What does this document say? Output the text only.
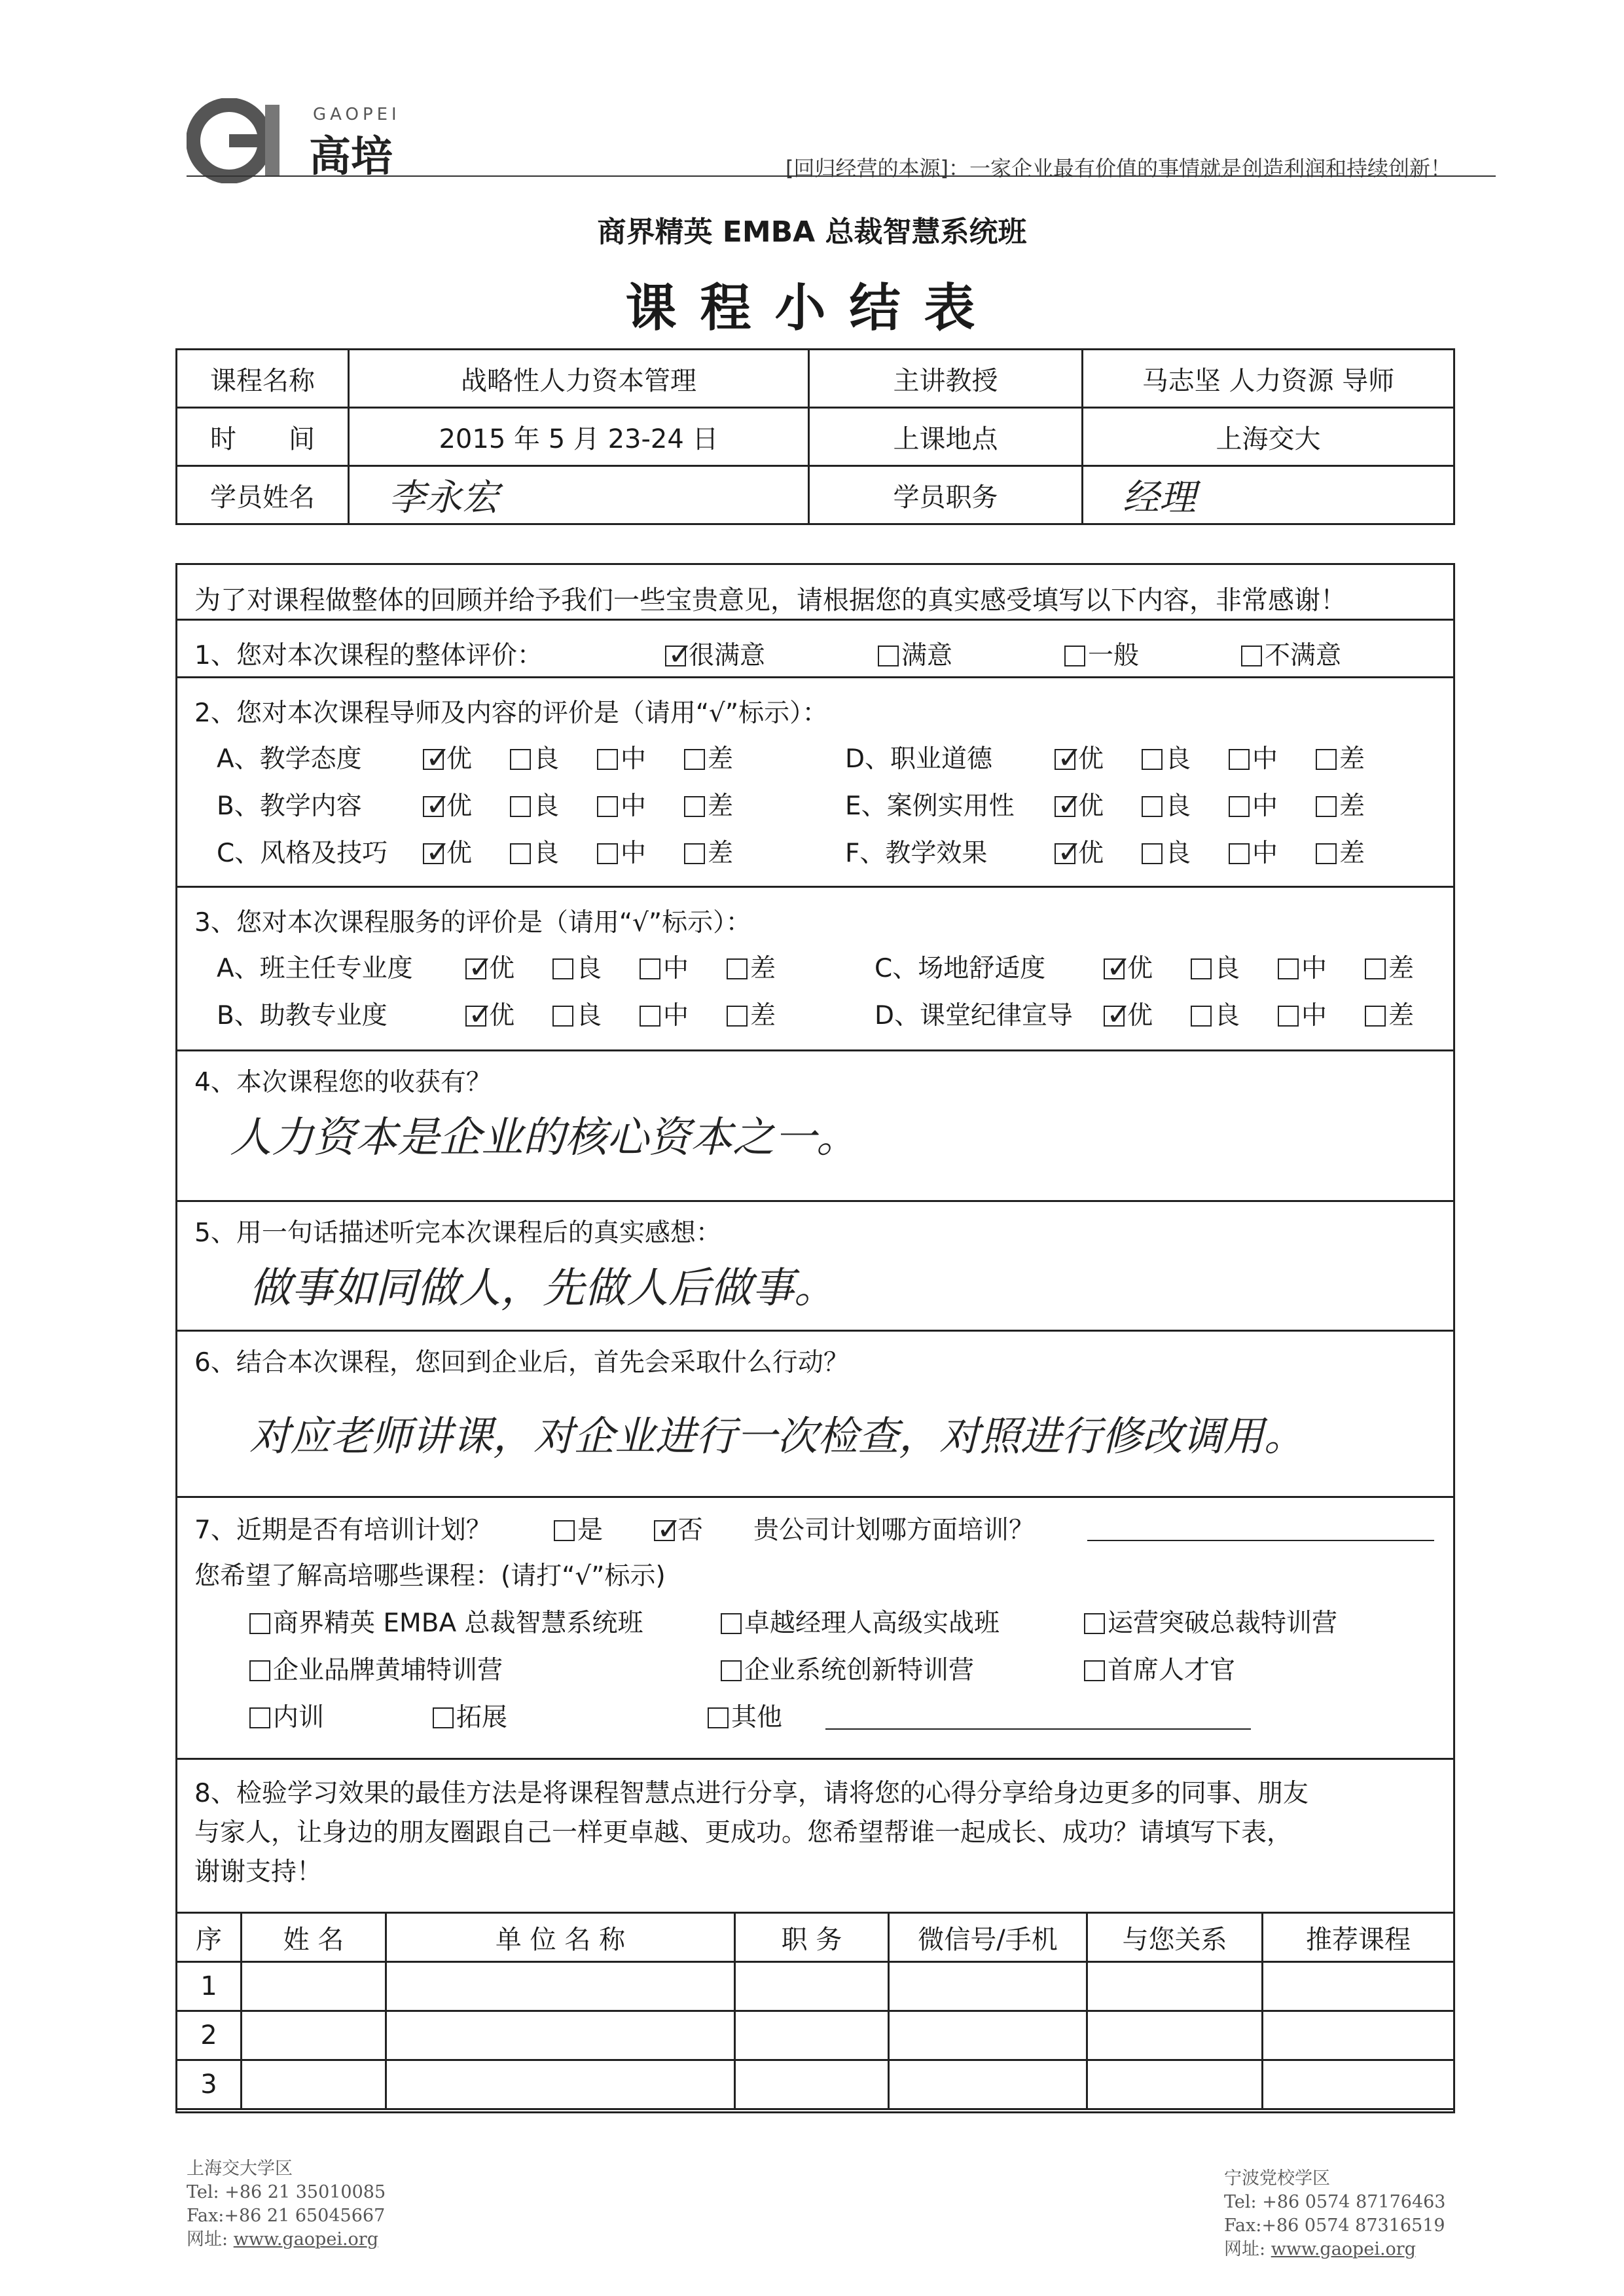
GAOPEI
高培	[回归经营的本源]：一家企业最有价值的事情就是创造利润和持续创新！
商界精英 EMBA 总裁智慧系统班
课程小结表
课程名称	战略性人力资本管理	主讲教授	马志坚 人力资源 导师
时　　间	2015 年 5 月 23-24 日	上课地点	上海交大
学员姓名	李永宏	学员职务	经理
为了对课程做整体的回顾并给予我们一些宝贵意见，请根据您的真实感受填写以下内容，非常感谢！
1、您对本次课程的整体评价： ✓	很满意	满意	一般	不满意
2、您对本次课程导师及内容的评价是（请用“√”标示）：
A、教学态度 ✓	优	良	中	差
B、教学内容 ✓	优	良	中	差
C、风格及技巧 ✓	优	良	中	差
D、职业道德 ✓	优	良	中	差
E、案例实用性 ✓	优	良	中	差
F、教学效果 ✓	优	良	中	差
3、您对本次课程服务的评价是（请用“√”标示）：
A、班主任专业度 ✓	优	良	中	差
B、助教专业度 ✓	优	良	中	差
C、场地舒适度 ✓	优	良	中	差
D、课堂纪律宣导 ✓	优	良	中	差
4、本次课程您的收获有？
人力资本是企业的核心资本之一。
5、用一句话描述听完本次课程后的真实感想：
做事如同做人，先做人后做事。
6、结合本次课程，您回到企业后，首先会采取什么行动？
对应老师讲课，对企业进行一次检查，对照进行修改调用。
7、近期是否有培训计划？	是 ✓	否 贵公司计划哪方面培训？
您希望了解高培哪些课程：(请打“√”标示)
商界精英 EMBA 总裁智慧系统班	卓越经理人高级实战班	运营突破总裁特训营
企业品牌黄埔特训营	企业系统创新特训营	首席人才官
内训	拓展	其他
8、检验学习效果的最佳方法是将课程智慧点进行分享，请将您的心得分享给身边更多的同事、朋友
与家人，让身边的朋友圈跟自己一样更卓越、更成功。您希望帮谁一起成长、成功？请填写下表，
谢谢支持！
序	姓 名	单 位 名 称	职 务	微信号/手机	与您关系	推荐课程
1						
2						
3						
上海交大学区
Tel: +86 21 35010085
Fax:+86 21 65045667
网址: www.gaopei.org
宁波党校学区
Tel: +86 0574 87176463
Fax:+86 0574 87316519
网址: www.gaopei.org
